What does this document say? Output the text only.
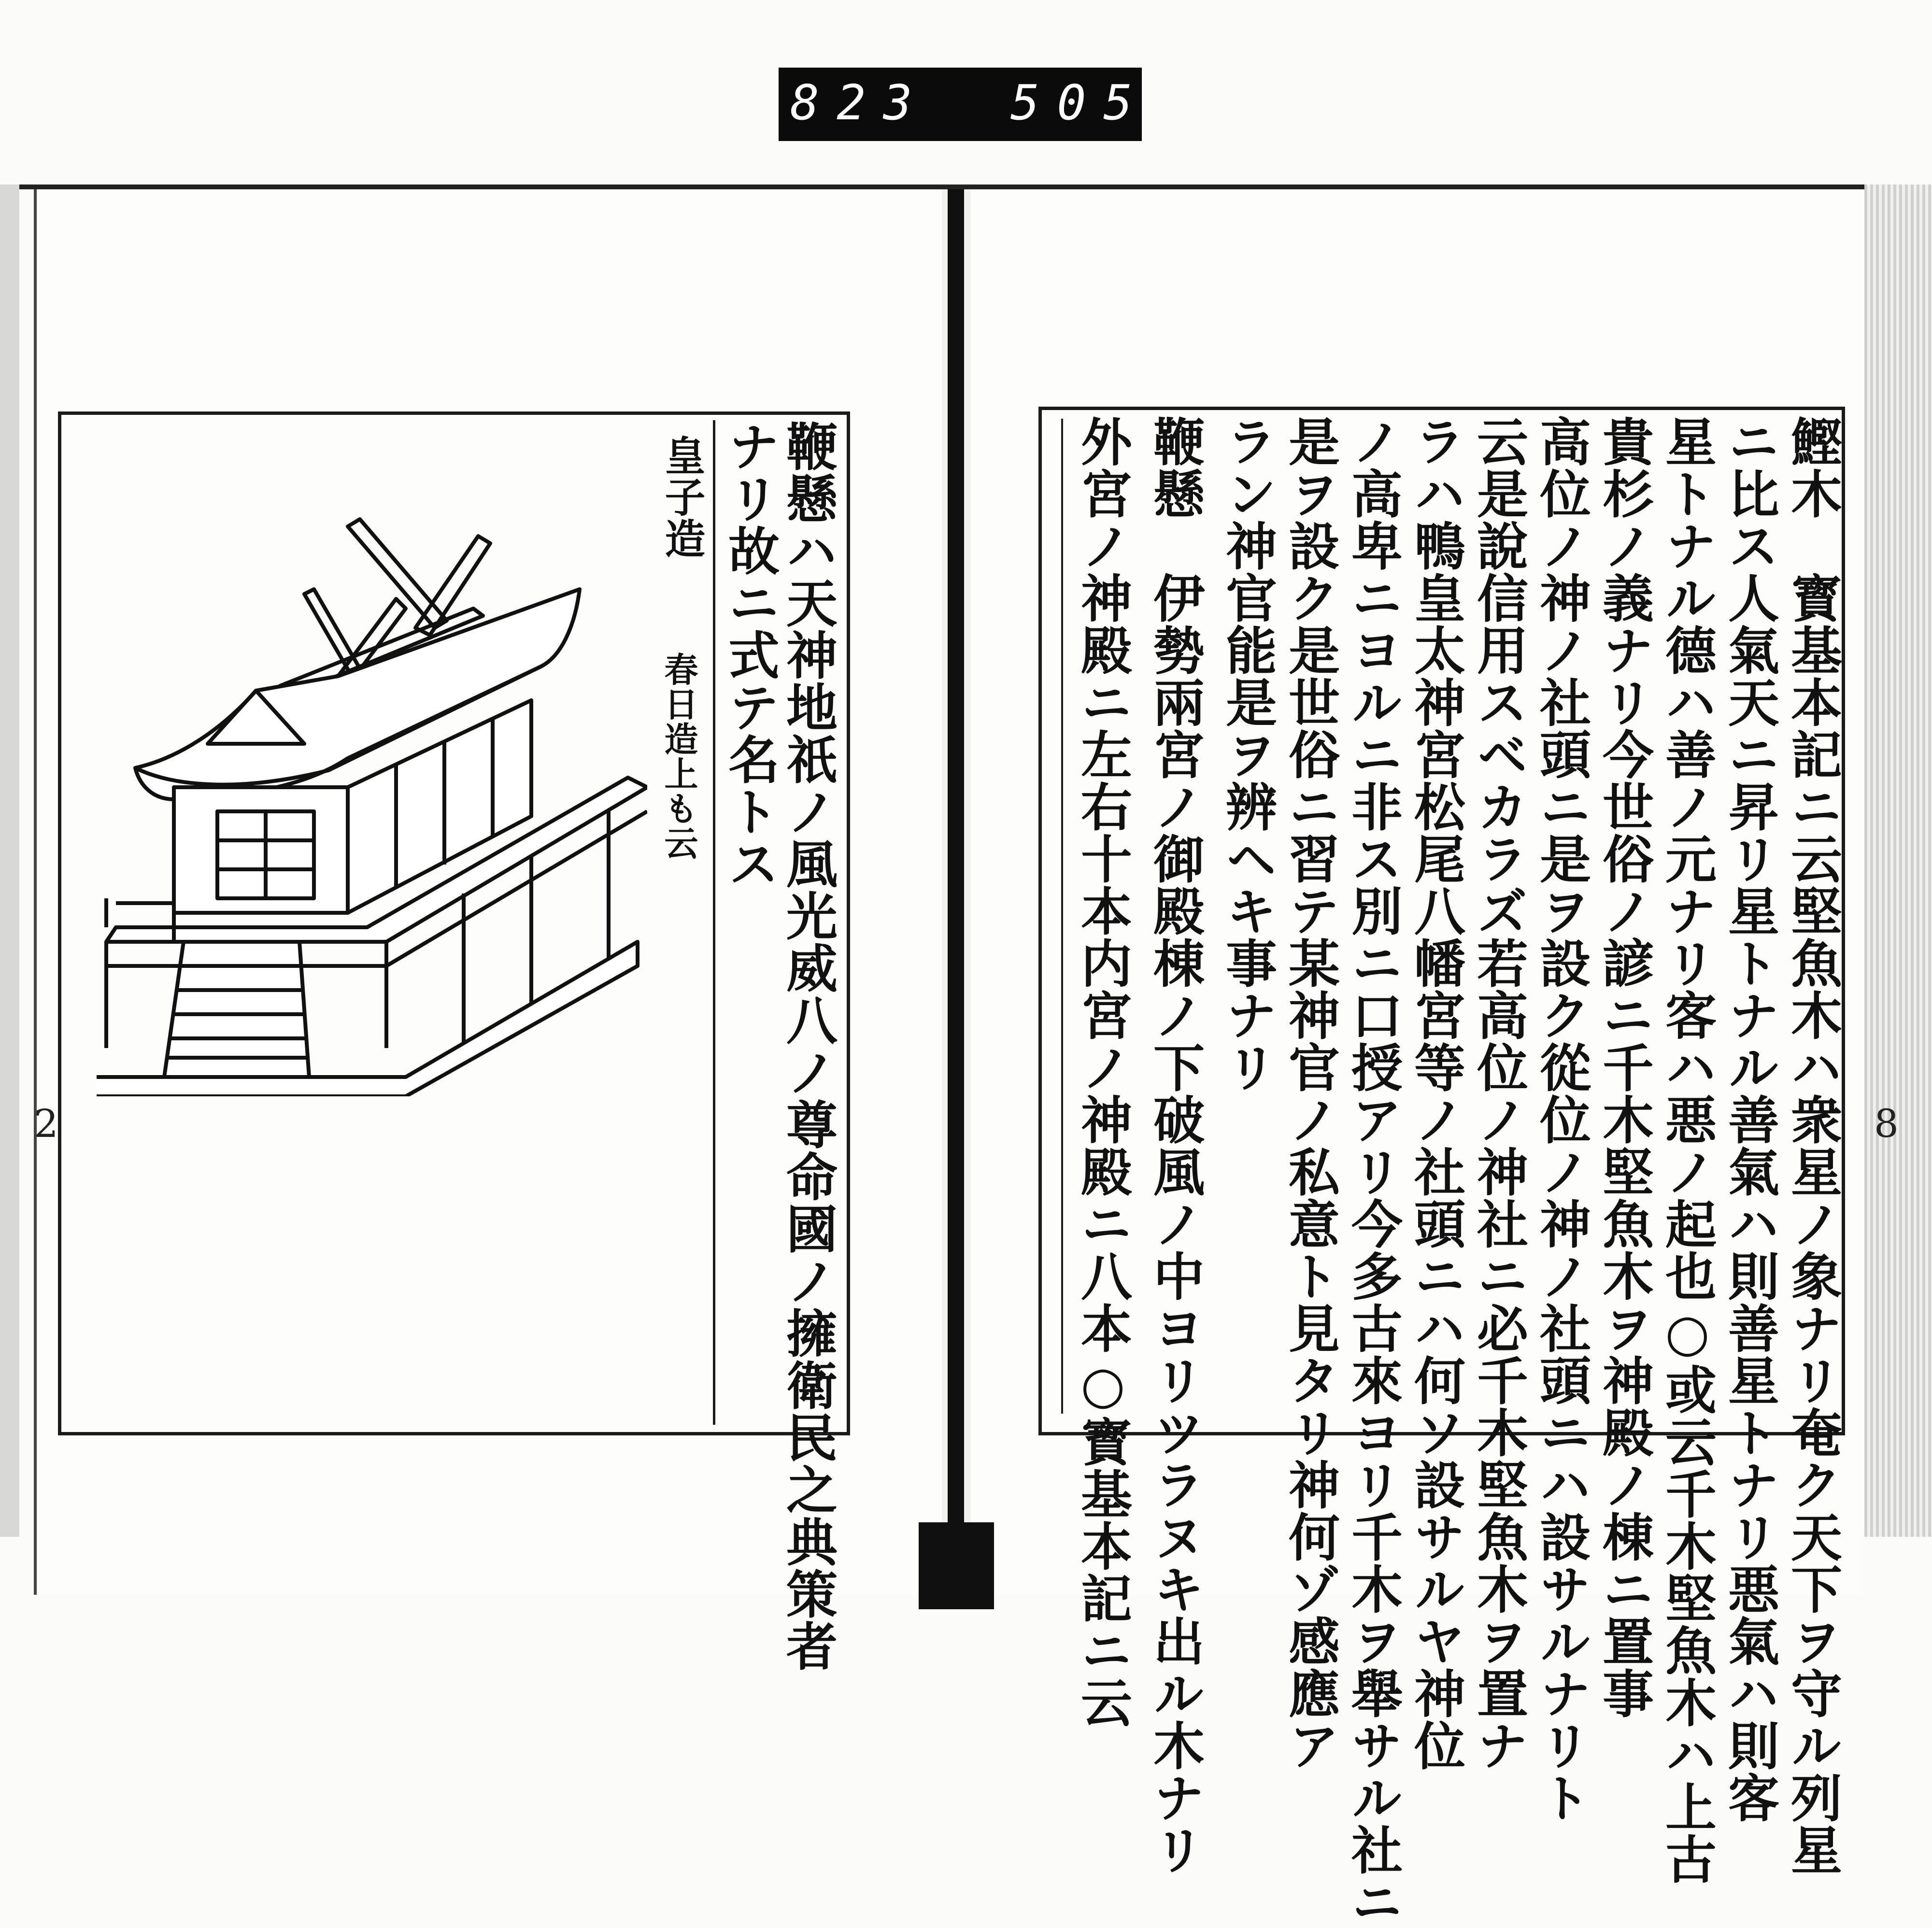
823 505
2	8
鞭懸ハ天神地祇ノ風光威八ノ尊命國ノ擁衛民之典策者
ナリ故ニ式テ名トス
皇子造
春日造上も云	鰹木　寳基本記ニ云堅魚木ハ衆星ノ象ナリ奄ク天下ヲ守ル列星
ニ比ス人氣天ニ昇リ星トナル善氣ハ則善星トナリ悪氣ハ則客
星トナル德ハ善ノ元ナリ客ハ悪ノ起也○或云千木堅魚木ハ上古
貴杉ノ義ナリ今世俗ノ諺ニ千木堅魚木ヲ神殿ノ棟ニ置事
高位ノ神ノ社頭ニ是ヲ設ク從位ノ神ノ社頭ニハ設サルナリト
云是說信用スベカラズ若高位ノ神社ニ必千木堅魚木ヲ置ナ
ラハ鴨皇太神宮松尾八幡宮等ノ社頭ニハ何ソ設サルヤ神位
ノ高卑ニヨルニ非ス別ニ口授アリ今多古來ヨリ千木ヲ舉サル社ニ
是ヲ設ク是世俗ニ習テ某神官ノ私意ト見タリ神何ゾ感應ア
ラン神官能是ヲ辨ヘキ事ナリ
鞭懸　伊勢兩宮ノ御殿棟ノ下破風ノ中ヨリツラヌキ出ル木ナリ
外宮ノ神殿ニ左右十本内宮ノ神殿ニ八本○寳基本記ニ云
